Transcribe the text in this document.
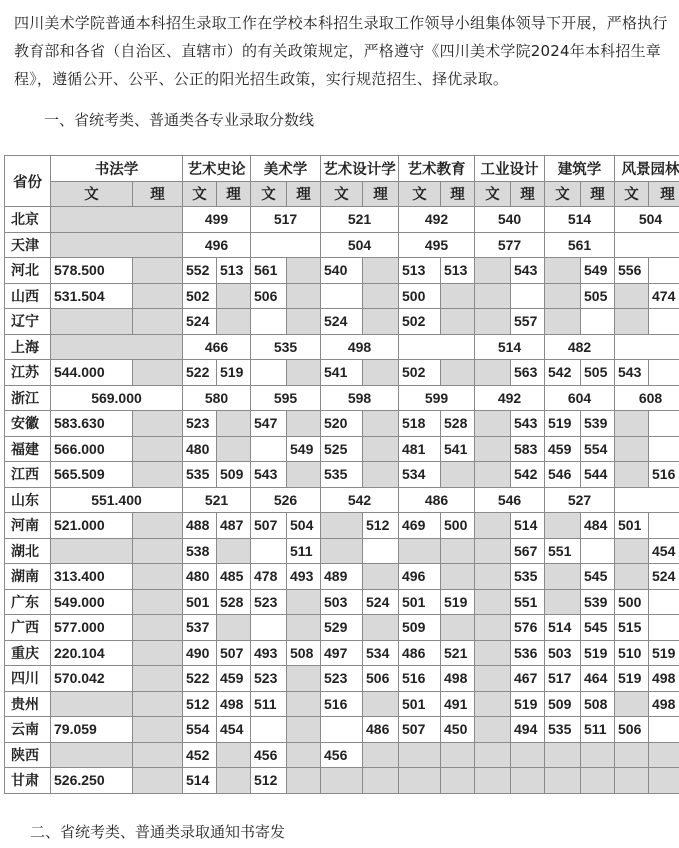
四川美术学院普通本科招生录取工作在学校本科招生录取工作领导小组集体领导下开展，严格执行教育部和各省（自治区、直辖市）的有关政策规定，严格遵守《四川美术学院2024年本科招生章程》，遵循公开、公平、公正的阳光招生政策，实行规范招生、择优录取。
一、省统考类、普通类各专业录取分数线
省份	书法学		艺术史论		美术学		艺术设计学		艺术教育		工业设计		建筑学		风景园林	
	文	理	文	理	文	理	文	理	文	理	文	理	文	理	文	理
北京			499		517		521		492		540		514		504	
天津			496				504		495		577		561			
河北	578.500		552	513	561		540		513	513		543		549	556	
山西	531.504		502		506				500					505		474
辽宁			524				524		502			557				
上海			466		535		498				514		482			
江苏	544.000		522	519			541		502			563	542	505	543	
浙江	569.000		580		595		598		599		492		604		608	
安徽	583.630		523		547		520		518	528		543	519	539		
福建	566.000		480			549	525		481	541		583	459	554		
江西	565.509		535	509	543		535		534			542	546	544		516
山东	551.400		521		526		542		486		546		527			
河南	521.000		488	487	507	504		512	469	500		514		484	501	
湖北			538			511						567	551			454
湖南	313.400		480	485	478	493	489		496			535		545		524
广东	549.000		501	528	523		503	524	501	519		551		539	500	
广西	577.000		537				529		509			576	514	545	515	
重庆	220.104		490	507	493	508	497	534	486	521		536	503	519	510	519
四川	570.042		522	459	523		523	506	516	498		467	517	464	519	498
贵州			512	498	511		516		501	491		519	509	508		498
云南	79.059		554	454				486	507	450		494	535	511	506	
陕西			452		456		456									
甘肃	526.250		514		512											
二、省统考类、普通类录取通知书寄发
